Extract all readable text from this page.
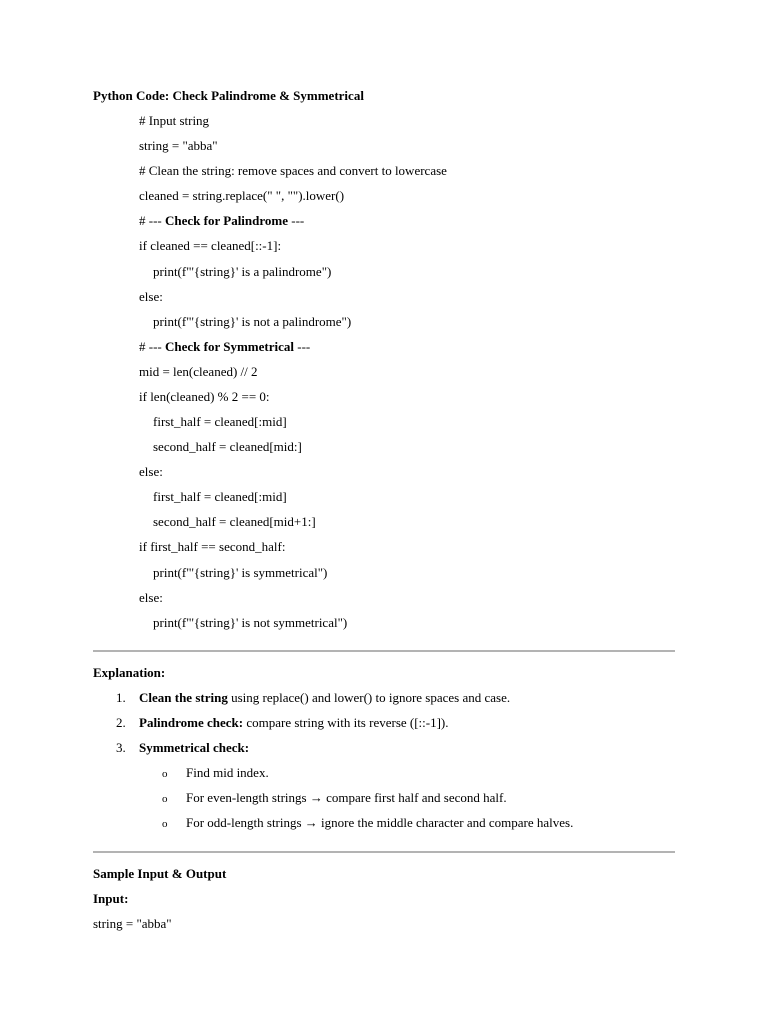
Python Code: Check Palindrome & Symmetrical
# Input string
string = "abba"
# Clean the string: remove spaces and convert to lowercase
cleaned = string.replace(" ", "").lower()
# --- Check for Palindrome ---
if cleaned == cleaned[::-1]:
print(f"'{string}' is a palindrome")
else:
print(f"'{string}' is not a palindrome")
# --- Check for Symmetrical ---
mid = len(cleaned) // 2
if len(cleaned) % 2 == 0:
first_half = cleaned[:mid]
second_half = cleaned[mid:]
else:
first_half = cleaned[:mid]
second_half = cleaned[mid+1:]
if first_half == second_half:
print(f"'{string}' is symmetrical")
else:
print(f"'{string}' is not symmetrical")
Explanation:
1. Clean the string using replace() and lower() to ignore spaces and case.
2. Palindrome check: compare string with its reverse ([::-1]).
3. Symmetrical check:
o Find mid index.
o For even-length strings → compare first half and second half.
o For odd-length strings → ignore the middle character and compare halves.
Sample Input & Output
Input:
string = "abba"
